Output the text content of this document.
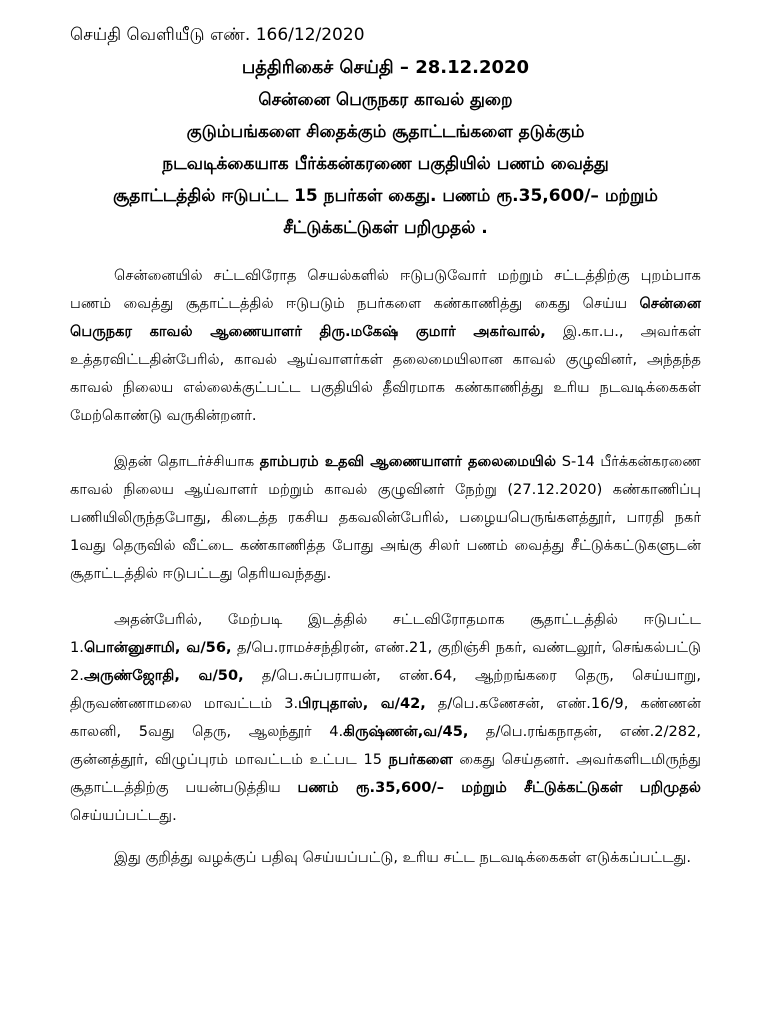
செய்தி வெளியீடு எண். 166/12/2020
பத்திரிகைச் செய்தி – 28.12.2020
சென்னை பெருநகர காவல் துறை
குடும்பங்களை சிதைக்கும் சூதாட்டங்களை தடுக்கும்
நடவடிக்கையாக பீர்க்கன்கரணை பகுதியில் பணம் வைத்து
சூதாட்டத்தில் ஈடுபட்ட 15 நபர்கள் கைது. பணம் ரூ.35,600/– மற்றும்
சீட்டுக்கட்டுகள் பறிமுதல் .

சென்னையில் சட்டவிரோத செயல்களில் ஈடுபடுவோர் மற்றும் சட்டத்திற்கு புறம்பாக பணம் வைத்து சூதாட்டத்தில் ஈடுபடும் நபர்களை கண்காணித்து கைது செய்ய சென்னை பெருநகர காவல் ஆணையாளர் திரு.மகேஷ் குமார் அகர்வால், இ.கா.ப., அவர்கள் உத்தரவிட்டதின்பேரில், காவல் ஆய்வாளர்கள் தலைமையிலான காவல் குழுவினர், அந்தந்த காவல் நிலைய எல்லைக்குட்பட்ட பகுதியில் தீவிரமாக கண்காணித்து உரிய நடவடிக்கைகள் மேற்கொண்டு வருகின்றனர்.

இதன் தொடர்ச்சியாக தாம்பரம் உதவி ஆணையாளர் தலைமையில் S-14 பீர்க்கன்கரணை காவல் நிலைய ஆய்வாளர் மற்றும் காவல் குழுவினர் நேற்று (27.12.2020) கண்காணிப்பு பணியிலிருந்தபோது, கிடைத்த ரகசிய தகவலின்பேரில், பழையபெருங்களத்தூர், பாரதி நகர் 1வது தெருவில் வீட்டை கண்காணித்த போது அங்கு சிலர் பணம் வைத்து சீட்டுக்கட்டுகளுடன் சூதாட்டத்தில் ஈடுபட்டது தெரியவந்தது.

அதன்பேரில், மேற்படி இடத்தில் சட்டவிரோதமாக சூதாட்டத்தில் ஈடுபட்ட 1.பொன்னுசாமி, வ/56, த/பெ.ராமச்சந்திரன், எண்.21, குறிஞ்சி நகர், வண்டலூர், செங்கல்பட்டு 2.அருண்ஜோதி, வ/50, த/பெ.சுப்பராயன், எண்.64, ஆற்றங்கரை தெரு, செய்யாறு, திருவண்ணாமலை மாவட்டம் 3.பிரபுதாஸ், வ/42, த/பெ.கணேசன், எண்.16/9, கண்ணன் காலனி, 5வது தெரு, ஆலந்தூர் 4.கிருஷ்ணன்,வ/45, த/பெ.ரங்கநாதன், எண்.2/282, குன்னத்தூர், விழுப்புரம் மாவட்டம் உட்பட 15 நபர்களை கைது செய்தனர். அவர்களிடமிருந்து சூதாட்டத்திற்கு பயன்படுத்திய பணம் ரூ.35,600/– மற்றும் சீட்டுக்கட்டுகள் பறிமுதல் செய்யப்பட்டது.

இது குறித்து வழக்குப் பதிவு செய்யப்பட்டு, உரிய சட்ட நடவடிக்கைகள் எடுக்கப்பட்டது.
